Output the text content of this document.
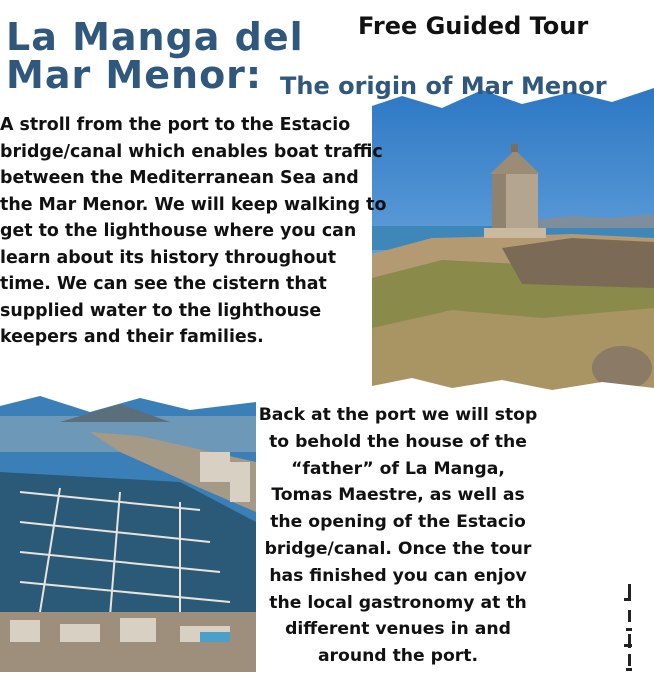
La Manga del
Mar Menor:
Free Guided Tour
The origin of Mar Menor
A stroll from the port to the Estacio bridge/canal which enables boat traffic between the Mediterranean Sea and the Mar Menor. We will keep walking to get to the lighthouse where you can learn about its history throughout time. We can see the cistern that supplied water to the lighthouse keepers and their families.
Back at the port we will stop to behold the house of the “father” of La Manga, Tomas Maestre, as well as the opening of the Estacio bridge/canal. Once the tour has finished you can enjov the local gastronomy at th different venues in and around the port.
